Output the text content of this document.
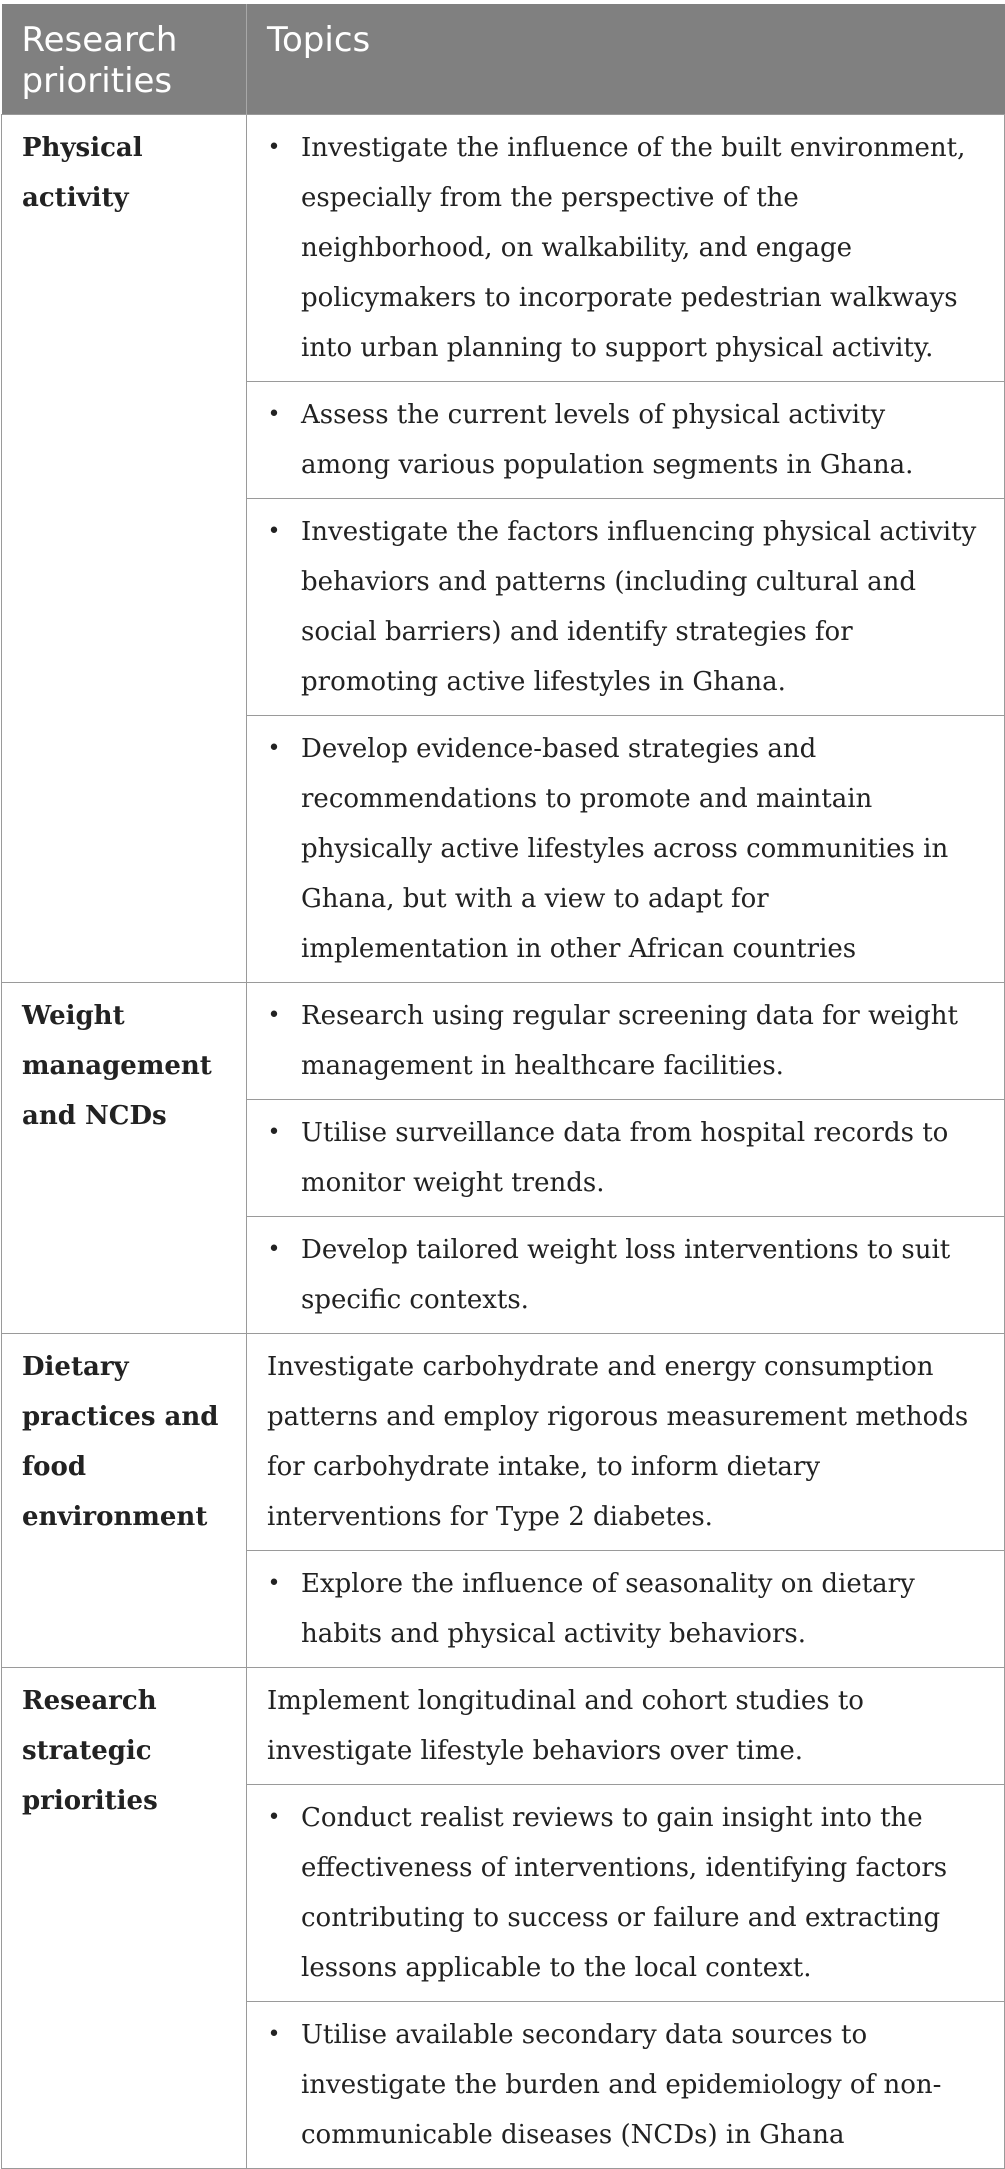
Research priorities	Topics
Physical activity	• Investigate the influence of the built environment, especially from the perspective of the neighborhood, on walkability, and engage policymakers to incorporate pedestrian walkways into urban planning to support physical activity.

	• Assess the current levels of physical activity among various population segments in Ghana.

	• Investigate the factors influencing physical activity behaviors and patterns (including cultural and social barriers) and identify strategies for promoting active lifestyles in Ghana.

	• Develop evidence-based strategies and recommendations to promote and maintain physically active lifestyles across communities in Ghana, but with a view to adapt for implementation in other African countries

Weight management and NCDs	• Research using regular screening data for weight management in healthcare facilities.

	• Utilise surveillance data from hospital records to monitor weight trends.

	• Develop tailored weight loss interventions to suit specific contexts.

Dietary practices and food environment	Investigate carbohydrate and energy consumption patterns and employ rigorous measurement methods for carbohydrate intake, to inform dietary interventions for Type 2 diabetes.

	• Explore the influence of seasonality on dietary habits and physical activity behaviors.

Research strategic priorities	Implement longitudinal and cohort studies to investigate lifestyle behaviors over time.

	• Conduct realist reviews to gain insight into the effectiveness of interventions, identifying factors contributing to success or failure and extracting lessons applicable to the local context.

	• Utilise available secondary data sources to investigate the burden and epidemiology of non-communicable diseases (NCDs) in Ghana
